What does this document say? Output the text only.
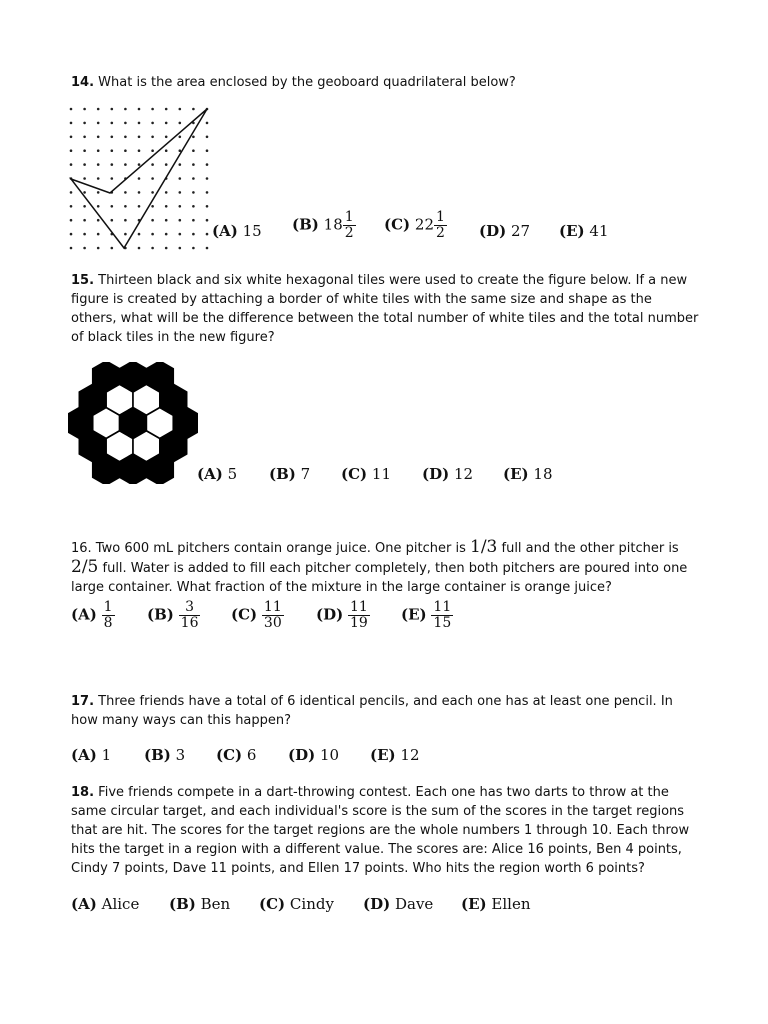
14. What is the area enclosed by the geoboard quadrilateral below?
(A) 15 (B) $18 \frac{1}{2} (C)$ $22 \frac{1}{2} (D)$ 27 (E) 41
15. Thirteen black and six white hexagonal tiles were used to create the figure below. If a new figure is created by attaching a border of white tiles with the same size and shape as the others, what will be the difference between the total number of white tiles and the total number of black tiles in the new figure?
(A) 5 (B) 7 (C) 11 (D) 12 (E) 18
16. Two 600 mL pitchers contain orange juice. One pitcher is 1/3 full and the other pitcher is 2/5 full. Water is added to fill each pitcher completely, then both pitchers are poured into one large container. What fraction of the mixture in the large container is orange juice?
$(A) \frac{1}{8} (B) \frac{3}{16} (C) \frac{11}{30} (D) \frac{11}{19} (E) \frac{11}{15}$
17. Three friends have a total of 6 identical pencils, and each one has at least one pencil. In how many ways can this happen?
(A) 1 (B) 3 (C) 6 (D) 10 (E) 12
18. Five friends compete in a dart-throwing contest. Each one has two darts to throw at the same circular target, and each individual's score is the sum of the scores in the target regions that are hit. The scores for the target regions are the whole numbers 1 through 10. Each throw hits the target in a region with a different value. The scores are: Alice 16 points, Ben 4 points, Cindy 7 points, Dave 11 points, and Ellen 17 points. Who hits the region worth 6 points?
(A) Alice (B) Ben (C) Cindy (D) Dave (E) Ellen
